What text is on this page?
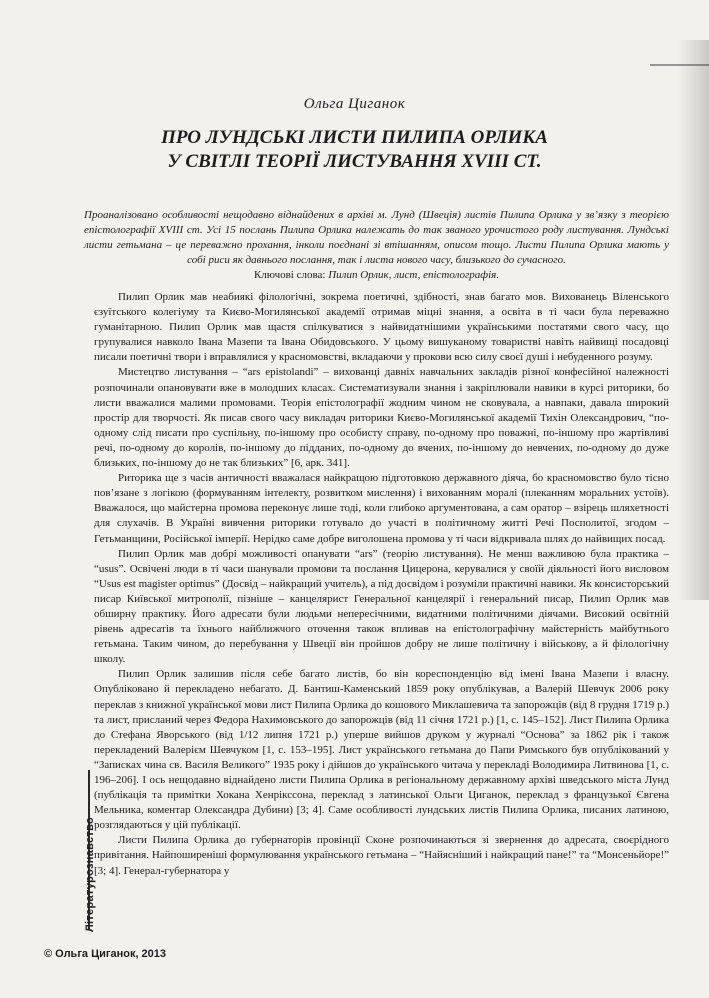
Ольга Циганок
ПРО ЛУНДСЬКІ ЛИСТИ ПИЛИПА ОРЛИКА
У СВІТЛІ ТЕОРІЇ ЛИСТУВАННЯ XVIII СТ.

Проаналізовано особливості нещодавно віднайдених в архіві м. Лунд (Швеція) листів Пилипа Орлика у зв’язку з теорією епістолографії XVIII ст. Усі 15 послань Пилипа Орлика належать до так званого урочистого роду листування. Лундські листи гетьмана – це переважно прохання, інколи поєднані зі втішанням, описом тощо. Листи Пилипа Орлика мають у собі риси як давнього послання, так і листа нового часу, близького до сучасного.

Ключові слова: Пилип Орлик, лист, епістолографія.

Пилип Орлик мав неабиякі філологічні, зокрема поетичні, здібності, знав багато мов. Вихованець Віленського єзуїтського колегіуму та Києво-Могилянської академії отримав міцні знання, а освіта в ті часи була переважно гуманітарною. Пилип Орлик мав щастя спілкуватися з найвидатнішими українськими постатями свого часу, що групувалися навколо Івана Мазепи та Івана Обидовського. У цьому вишуканому товаристві навіть найвищі посадовці писали поетичні твори і вправлялися у красномовстві, вкладаючи у прокови всю силу своєї душі і небуденного розуму.

Мистецтво листування – “ars epistolandi” – вихованці давніх навчальних закладів різної конфесійної належності розпочинали опановувати вже в молодших класах. Систематизували знання і закріплювали навики в курсі риторики, бо листи вважалися малими промовами. Теорія епістолографії жодним чином не сковувала, а навпаки, давала широкий простір для творчості. Як писав свого часу викладач риторики Києво-Могилянської академії Тихін Олександрович, “по-одному слід писати про суспільну, по-іншому про особисту справу, по-одному про поважні, по-іншому про жартівливі речі, по-одному до королів, по-іншому до підданих, по-одному до вчених, по-іншому до невчених, по-одному до дуже близьких, по-іншому до не так близьких” [6, арк. 341].

Риторика ще з часів античності вважалася найкращою підготовкою державного діяча, бо красномовство було тісно пов’язане з логікою (формуванням інтелекту, розвитком мислення) і вихованням моралі (плеканням моральних устоїв). Вважалося, що майстерна промова переконує лише тоді, коли глибоко аргументована, а сам оратор – взірець шляхетності для слухачів. В Україні вивчення риторики готувало до участі в політичному житті Речі Посполитої, згодом – Гетьманщини, Російської імперії. Нерідко саме добре виголошена промова у ті часи відкривала шлях до найвищих посад.

Пилип Орлик мав добрі можливості опанувати “ars” (теорію листування). Не менш важливою була практика – “usus”. Освічені люди в ті часи шанували промови та послання Цицерона, керувалися у своїй діяльності його висловом “Usus est magister optimus” (Досвід – найкращий учитель), а під досвідом і розуміли практичні навики. Як консисторський писар Київської митрополії, пізніше – канцелярист Генеральної канцелярії і генеральний писар, Пилип Орлик мав обширну практику. Його адресати були людьми непересічними, видатними політичними діячами. Високий освітній рівень адресатів та їхнього найближчого оточення також впливав на епістолографічну майстерність майбутнього гетьмана. Таким чином, до перебування у Швеції він пройшов добру не лише політичну і військову, а й філологічну школу.

Пилип Орлик залишив після себе багато листів, бо він кореспонденцію від імені Івана Мазепи і власну. Опубліковано й перекладено небагато. Д. Бантиш-Каменський 1859 року опублікував, а Валерій Шевчук 2006 року переклав з книжної української мови лист Пилипа Орлика до кошового Миклашевича та запорожців (від 8 грудня 1719 р.) та лист, присланий через Федора Нахимовського до запорожців (від 11 січня 1721 р.) [1, с. 145–152]. Лист Пилипа Орлика до Стефана Яворського (від 1/12 липня 1721 р.) уперше вийшов друком у журналі “Основа” за 1862 рік і також перекладений Валерієм Шевчуком [1, с. 153–195]. Лист українського гетьмана до Папи Римського був опублікований у “Записках чина св. Василя Великого” 1935 року і дійшов до українського читача у перекладі Володимира Литвинова [1, с. 196–206]. І ось нещодавно віднайдено листи Пилипа Орлика в регіональному державному архіві шведського міста Лунд (публікація та примітки Хокана Хенрікссона, переклад з латинської Ольги Циганок, переклад з французької Євгена Мельника, коментар Олександра Дубини) [3; 4]. Саме особливості лундських листів Пилипа Орлика, писаних латиною, розглядаються у цій публікації.

Листи Пилипа Орлика до губернаторів провінції Сконе розпочинаються зі звернення до адресата, своєрідного привітання. Найпоширеніші формулювання українського гетьмана – “Найясніший і найкращий пане!” та “Монсеньйоре!” [3; 4]. Генерал-губернатора у

Літературознавство
© Ольга Циганок, 2013
